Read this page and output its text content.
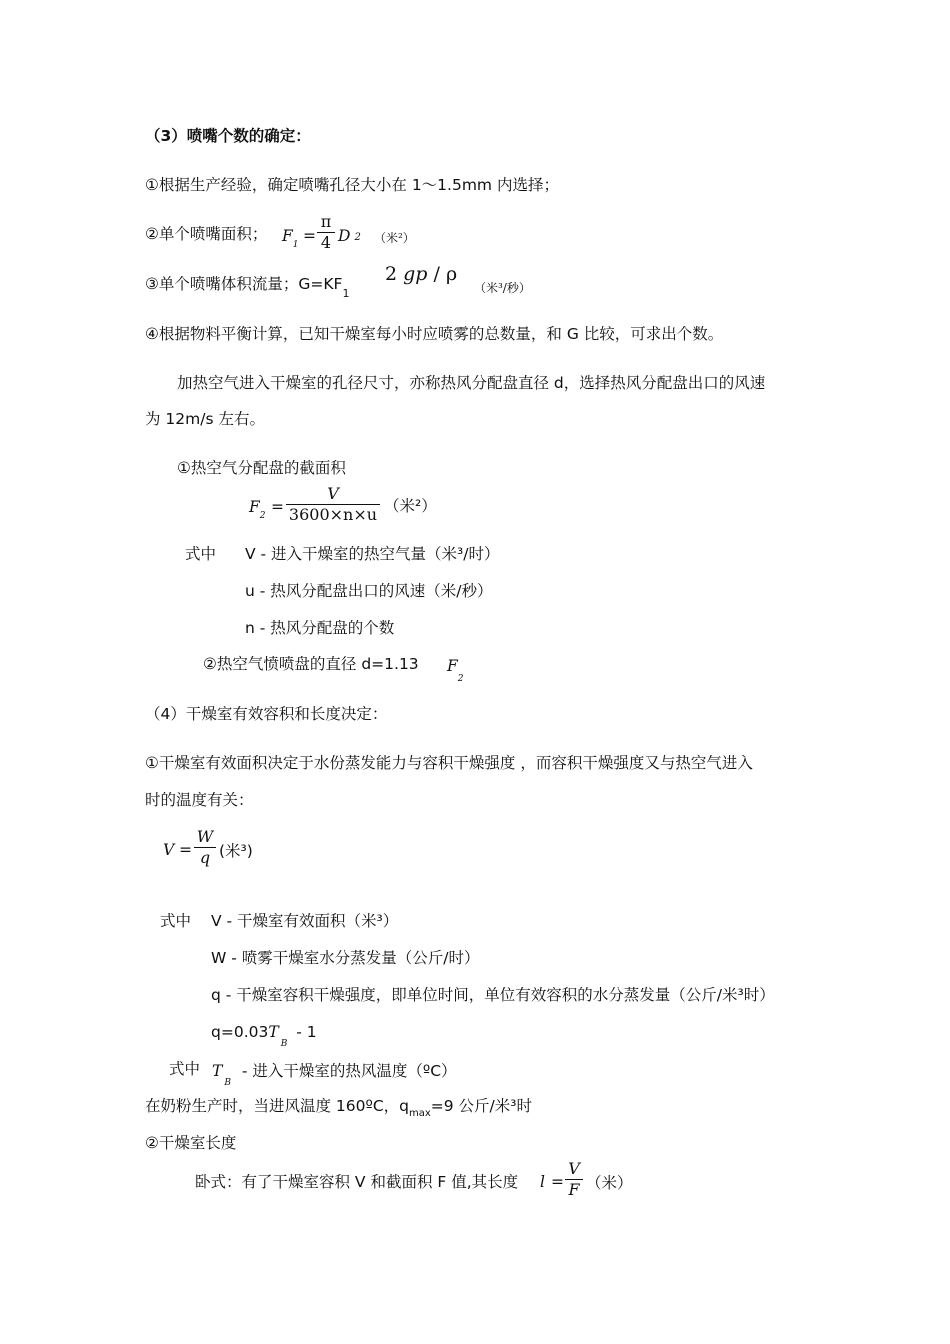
（3）喷嘴个数的确定：
①根据生产经验，确定喷嘴孔径大小在 1～1.5mm 内选择；
②单个喷嘴面积； $F_1$ =
π
4 D 2 （米²）
③单个喷嘴体积流量；$G=KF_1$
2 gp / ρ
（米³/秒）
④根据物料平衡计算，已知干燥室每小时应喷雾的总数量，和 G 比较，可求出个数。
加热空气进入干燥室的孔径尺寸，亦称热风分配盘直径 d，选择热风分配盘出口的风速
为 12m/s 左右。
①热空气分配盘的截面积
$F_2$ =
V
3600×n×u （米²）
式中 V - 进入干燥室的热空气量（米³/时）
u - 热风分配盘出口的风速（米/秒）
n - 热风分配盘的个数
②热空气愤喷盘的直径 d=1.13 $F_2$
（4）干燥室有效容积和长度决定：
①干燥室有效面积决定于水份蒸发能力与容积干燥强度 ，而容积干燥强度又与热空气进入
时的温度有关：
V =
W
q (米³)
式中 V - 干燥室有效面积（米³）
W - 喷雾干燥室水分蒸发量（公斤/时）
q - 干燥室容积干燥强度，即单位时间，单位有效容积的水分蒸发量（公斤/米³时）
$q=0.03T_B - 1$
式中 $T_B$ - 进入干燥室的热风温度（ºC）
在奶粉生产时，当进风温度 160ºC，$q_{max}=9$ 公斤/米³时
②干燥室长度
卧式：有了干燥室容积 V 和截面积 F 值,其长度 l =
V
F （米）
